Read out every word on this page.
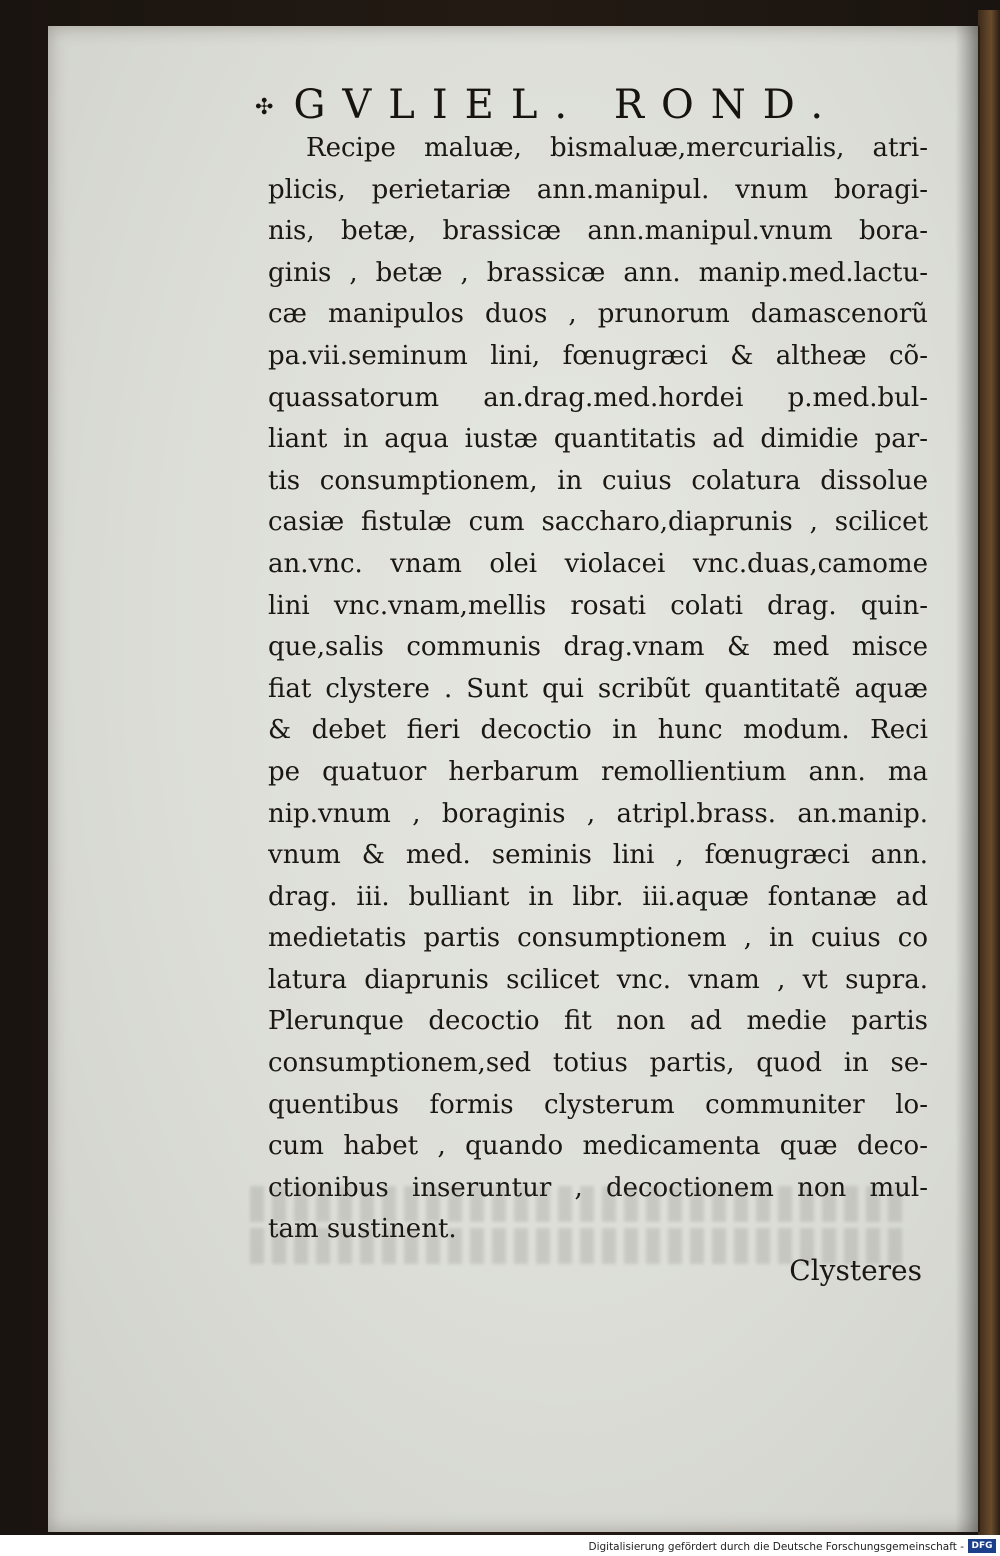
✣ GVLIEL. ROND.
Recipe maluæ, bismaluæ,mercurialis, atri-
plicis, perietariæ ann.manipul. vnum boragi-
nis, betæ, brassicæ ann.manipul.vnum bora-
ginis , betæ , brassicæ ann. manip.med.lactu-
cæ manipulos duos , prunorum damascenorũ
pa.vii.seminum lini, fœnugræci & altheæ cõ-
quassatorum an.drag.med.hordei p.med.bul-
liant in aqua iustæ quantitatis ad dimidie par-
tis consumptionem, in cuius colatura dissolue
casiæ fistulæ cum saccharo,diaprunis , scilicet
an.vnc. vnam olei violacei vnc.duas,camome
lini vnc.vnam,mellis rosati colati drag. quin-
que,salis communis drag.vnam & med misce
fiat clystere . Sunt qui scribũt quantitatẽ aquæ
& debet fieri decoctio in hunc modum. Reci
pe quatuor herbarum remollientium ann. ma
nip.vnum , boraginis , atripl.brass. an.manip.
vnum & med. seminis lini , fœnugræci ann.
drag. iii. bulliant in libr. iii.aquæ fontanæ ad
medietatis partis consumptionem , in cuius co
latura diaprunis scilicet vnc. vnam , vt supra.
Plerunque decoctio fit non ad medie partis
consumptionem,sed totius partis, quod in se-
quentibus formis clysterum communiter lo-
cum habet , quando medicamenta quæ deco-
ctionibus inseruntur , decoctionem non mul-
tam sustinent.
Clysteres
Digitalisierung gefördert durch die Deutsche Forschungsgemeinschaft - DFG
